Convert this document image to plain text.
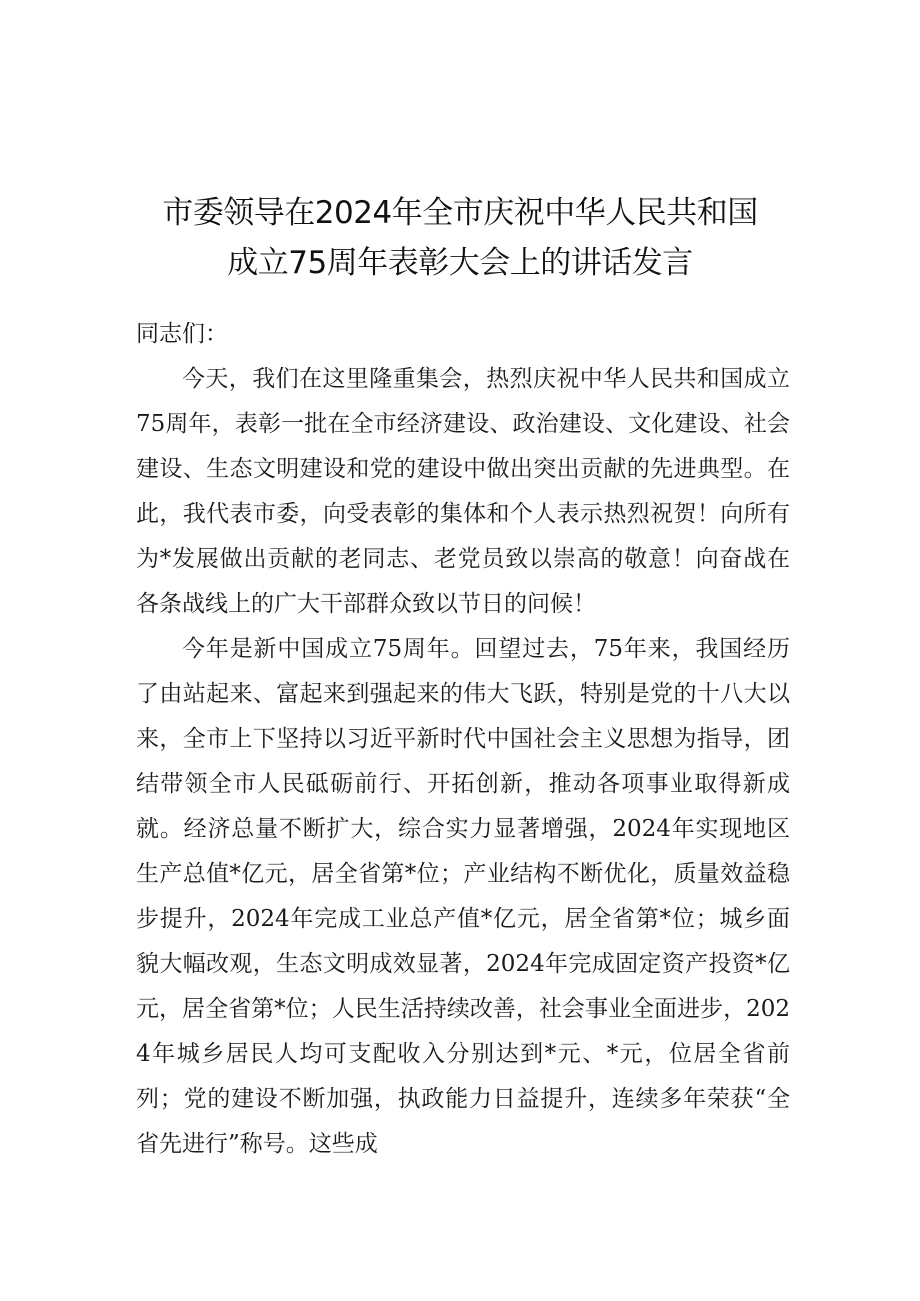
市委领导在2024年全市庆祝中华人民共和国
成立75周年表彰大会上的讲话发言

同志们：

今天，我们在这里隆重集会，热烈庆祝中华人民共和国成立75周年，表彰一批在全市经济建设、政治建设、文化建设、社会建设、生态文明建设和党的建设中做出突出贡献的先进典型。在此，我代表市委，向受表彰的集体和个人表示热烈祝贺！向所有为*发展做出贡献的老同志、老党员致以崇高的敬意！向奋战在各条战线上的广大干部群众致以节日的问候！

今年是新中国成立75周年。回望过去，75年来，我国经历了由站起来、富起来到强起来的伟大飞跃，特别是党的十八大以来，全市上下坚持以习近平新时代中国社会主义思想为指导，团结带领全市人民砥砺前行、开拓创新，推动各项事业取得新成就。经济总量不断扩大，综合实力显著增强，2024年实现地区生产总值*亿元，居全省第*位；产业结构不断优化，质量效益稳步提升，2024年完成工业总产值*亿元，居全省第*位；城乡面貌大幅改观，生态文明成效显著，2024年完成固定资产投资*亿元，居全省第*位；人民生活持续改善，社会事业全面进步，2024年城乡居民人均可支配收入分别达到*元、*元，位居全省前列；党的建设不断加强，执政能力日益提升，连续多年荣获“全省先进行”称号。这些成
